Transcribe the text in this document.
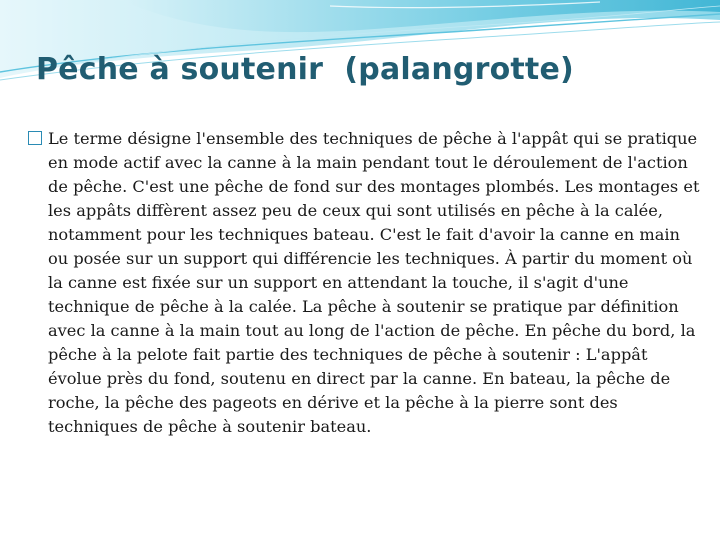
Pêche à soutenir  (palangrotte)

Le terme désigne l'ensemble des techniques de pêche à l'appât qui se pratique en mode actif avec la canne à la main pendant tout le déroulement de l'action de pêche. C'est une pêche de fond sur des montages plombés. Les montages et les appâts diffèrent assez peu de ceux qui sont utilisés en pêche à la calée, notamment pour les techniques bateau. C'est le fait d'avoir la canne en main ou posée sur un support qui différencie les techniques. À partir du moment où la canne est fixée sur un support en attendant la touche, il s'agit d'une technique de pêche à la calée. La pêche à soutenir se pratique par définition avec la canne à la main tout au long de l'action de pêche. En pêche du bord, la pêche à la pelote fait partie des techniques de pêche à soutenir : L'appât évolue près du fond, soutenu en direct par la canne. En bateau, la pêche de roche, la pêche des pageots en dérive et la pêche à la pierre sont des techniques de pêche à soutenir bateau.
